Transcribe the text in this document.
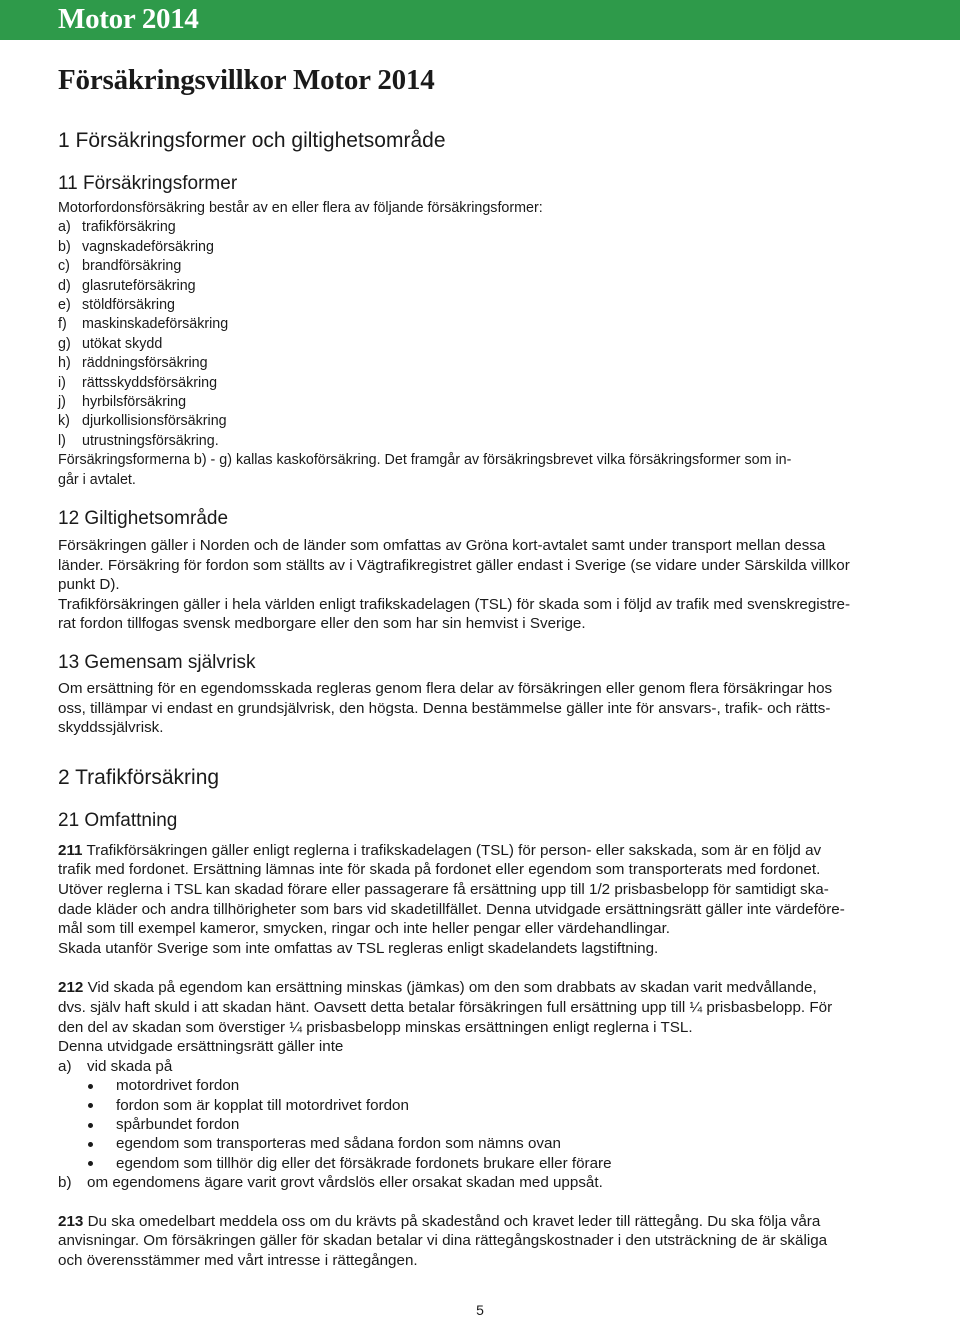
Motor 2014
Försäkringsvillkor Motor 2014
1 Försäkringsformer och giltighetsområde
11 Försäkringsformer

Motorfordonsförsäkring består av en eller flera av följande försäkringsformer:

a) trafikförsäkring
b) vagnskadeförsäkring
c) brandförsäkring
d) glasruteförsäkring
e) stöldförsäkring
f) maskinskadeförsäkring
g) utökat skydd
h) räddningsförsäkring
i) rättsskyddsförsäkring
j) hyrbilsförsäkring
k) djurkollisionsförsäkring
l) utrustningsförsäkring.

Försäkringsformerna b) - g) kallas kaskoförsäkring. Det framgår av försäkringsbrevet vilka försäkringsformer som in-

går i avtalet.

12 Giltighetsområde

Försäkringen gäller i Norden och de länder som omfattas av Gröna kort-avtalet samt under transport mellan dessa

länder. Försäkring för fordon som ställts av i Vägtrafikregistret gäller endast i Sverige (se vidare under Särskilda villkor

punkt D).

Trafikförsäkringen gäller i hela världen enligt trafikskadelagen (TSL) för skada som i följd av trafik med svenskregistre-

rat fordon tillfogas svensk medborgare eller den som har sin hemvist i Sverige.

13 Gemensam självrisk

Om ersättning för en egendomsskada regleras genom flera delar av försäkringen eller genom flera försäkringar hos

oss, tillämpar vi endast en grundsjälvrisk, den högsta. Denna bestämmelse gäller inte för ansvars-, trafik- och rätts-

skyddssjälvrisk.

2 Trafikförsäkring
21 Omfattning

211 Trafikförsäkringen gäller enligt reglerna i trafikskadelagen (TSL) för person- eller sakskada, som är en följd av

trafik med fordonet. Ersättning lämnas inte för skada på fordonet eller egendom som transporterats med fordonet.

Utöver reglerna i TSL kan skadad förare eller passagerare få ersättning upp till 1/2 prisbasbelopp för samtidigt ska-

dade kläder och andra tillhörigheter som bars vid skadetillfället. Denna utvidgade ersättningsrätt gäller inte värdeföre-

mål som till exempel kameror, smycken, ringar och inte heller pengar eller värdehandlingar.

Skada utanför Sverige som inte omfattas av TSL regleras enligt skadelandets lagstiftning.

212 Vid skada på egendom kan ersättning minskas (jämkas) om den som drabbats av skadan varit medvållande,

dvs. själv haft skuld i att skadan hänt. Oavsett detta betalar försäkringen full ersättning upp till ¼ prisbasbelopp. För

den del av skadan som överstiger ¼ prisbasbelopp minskas ersättningen enligt reglerna i TSL.

Denna utvidgade ersättningsrätt gäller inte

a) vid skada på
motordrivet fordon
fordon som är kopplat till motordrivet fordon
spårbundet fordon
egendom som transporteras med sådana fordon som nämns ovan
egendom som tillhör dig eller det försäkrade fordonets brukare eller förare
b) om egendomens ägare varit grovt vårdslös eller orsakat skadan med uppsåt.

213 Du ska omedelbart meddela oss om du krävts på skadestånd och kravet leder till rättegång. Du ska följa våra

anvisningar. Om försäkringen gäller för skadan betalar vi dina rättegångskostnader i den utsträckning de är skäliga

och överensstämmer med vårt intresse i rättegången.

5
